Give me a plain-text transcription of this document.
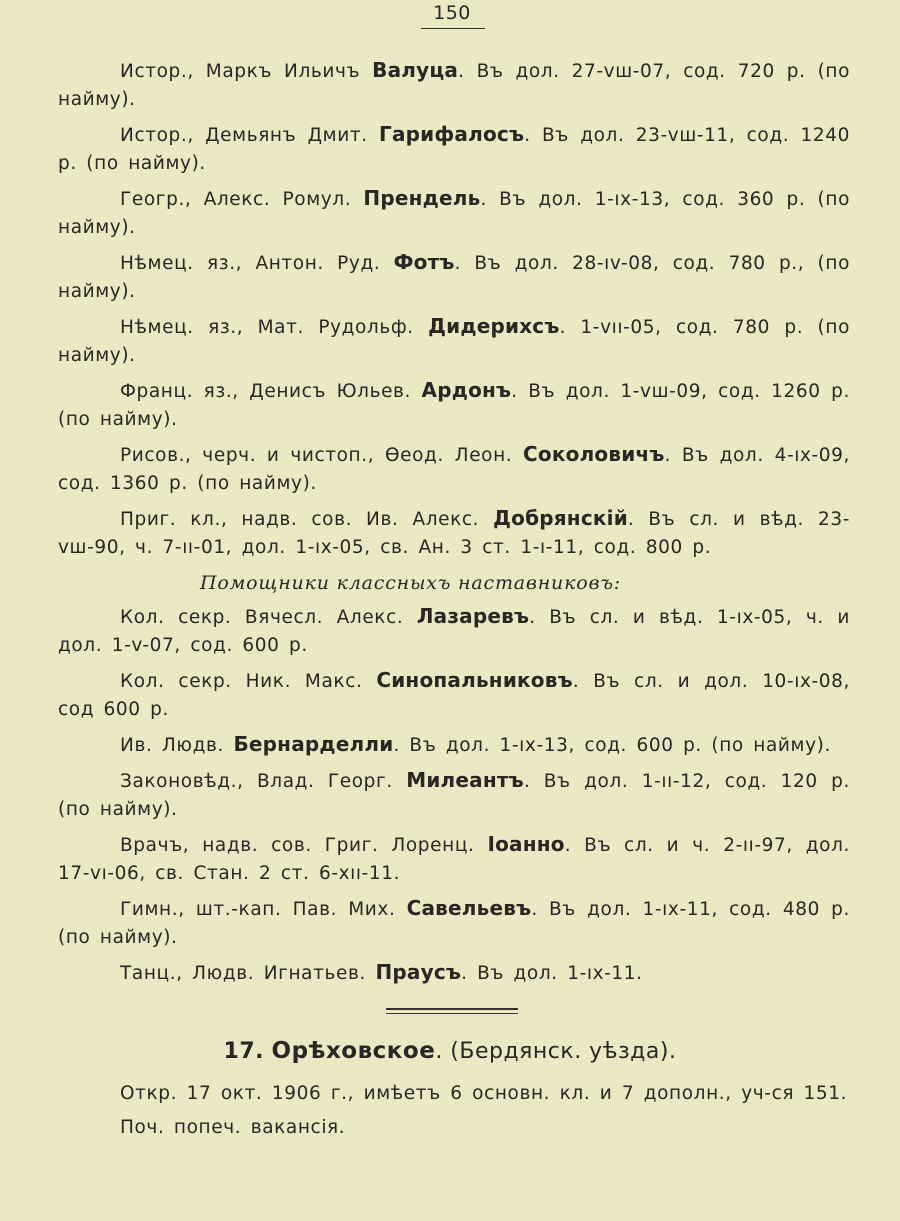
150

Истор., Маркъ Ильичъ Валуца. Въ дол. 27-vш-07, сод. 720 р. (по найму).

Истор., Демьянъ Дмит. Гарифалосъ. Въ дол. 23-vш-11, сод. 1240 р. (по найму).

Геогр., Алекс. Ромул. Прендель. Въ дол. 1-ıх-13, сод. 360 р. (по найму).

Нѣмец. яз., Антон. Руд. Фотъ. Въ дол. 28-ıv-08, сод. 780 р., (по найму).

Нѣмец. яз., Мат. Рудольф. Дидерихсъ. 1-vıı-05, сод. 780 р. (по найму).

Франц. яз., Денисъ Юльев. Ардонъ. Въ дол. 1-vш-09, сод. 1260 р. (по найму).

Рисов., черч. и чистоп., Ѳеод. Леон. Соколовичъ. Въ дол. 4-ıх-09, сод. 1360 р. (по найму).

Приг. кл., надв. сов. Ив. Алекс. Добрянскій. Въ сл. и вѣд. 23-vш-90, ч. 7-ıı-01, дол. 1-ıх-05, св. Ан. 3 ст. 1-ı-11, сод. 800 р.

Помощники классныхъ наставниковъ:

Кол. секр. Вячесл. Алекс. Лазаревъ. Въ сл. и вѣд. 1-ıх-05, ч. и дол. 1-v-07, сод. 600 р.

Кол. секр. Ник. Макс. Синопальниковъ. Въ сл. и дол. 10-ıх-08, сод 600 р.

Ив. Людв. Бернарделли. Въ дол. 1-ıх-13, сод. 600 р. (по найму).

Законовѣд., Влад. Георг. Милеантъ. Въ дол. 1-ıı-12, сод. 120 р. (по найму).

Врачъ, надв. сов. Григ. Лоренц. Іоанно. Въ сл. и ч. 2-ıı-97, дол. 17-vı-06, св. Стан. 2 ст. 6-хıı-11.

Гимн., шт.-кап. Пав. Мих. Савельевъ. Въ дол. 1-ıх-11, сод. 480 р. (по найму).

Танц., Людв. Игнатьев. Праусъ. Въ дол. 1-ıх-11.

17. Орѣховское. (Бердянск. уѣзда).

Откр. 17 окт. 1906 г., имѣетъ 6 основн. кл. и 7 дополн., уч-ся 151.

Поч. попеч. вакансія.
